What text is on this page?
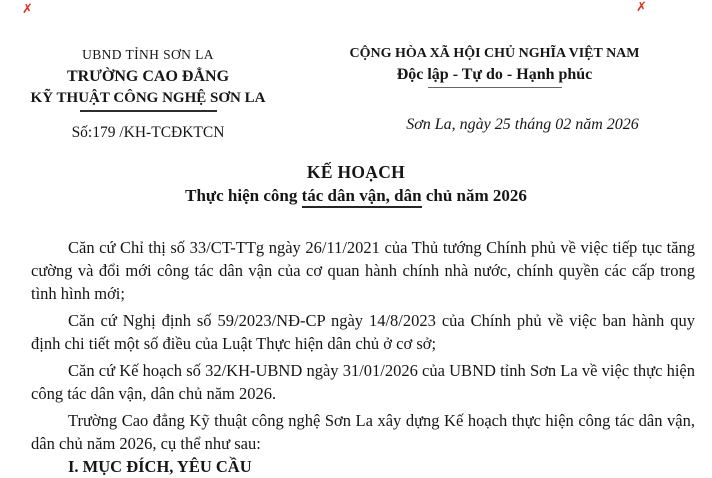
✗	✗
UBND TỈNH SƠN LA
TRƯỜNG CAO ĐẲNG
KỸ THUẬT CÔNG NGHỆ SƠN LA
Số:179 /KH-TCĐKTCN
CỘNG HÒA XÃ HỘI CHỦ NGHĨA VIỆT NAM
Độc lập - Tự do - Hạnh phúc
Sơn La, ngày 25 tháng 02 năm 2026
KẾ HOẠCH
Thực hiện công tác dân vận, dân chủ năm 2026

Căn cứ Chỉ thị số 33/CT-TTg ngày 26/11/2021 của Thủ tướng Chính phủ về việc tiếp tục tăng cường và đổi mới công tác dân vận của cơ quan hành chính nhà nước, chính quyền các cấp trong tình hình mới;

Căn cứ Nghị định số 59/2023/NĐ-CP ngày 14/8/2023 của Chính phủ về việc ban hành quy định chi tiết một số điều của Luật Thực hiện dân chủ ở cơ sở;

Căn cứ Kế hoạch số 32/KH-UBND ngày 31/01/2026 của UBND tỉnh Sơn La về việc thực hiện công tác dân vận, dân chủ năm 2026.

Trường Cao đẳng Kỹ thuật công nghệ Sơn La xây dựng Kế hoạch thực hiện công tác dân vận, dân chủ năm 2026, cụ thể như sau:

I. MỤC ĐÍCH, YÊU CẦU
